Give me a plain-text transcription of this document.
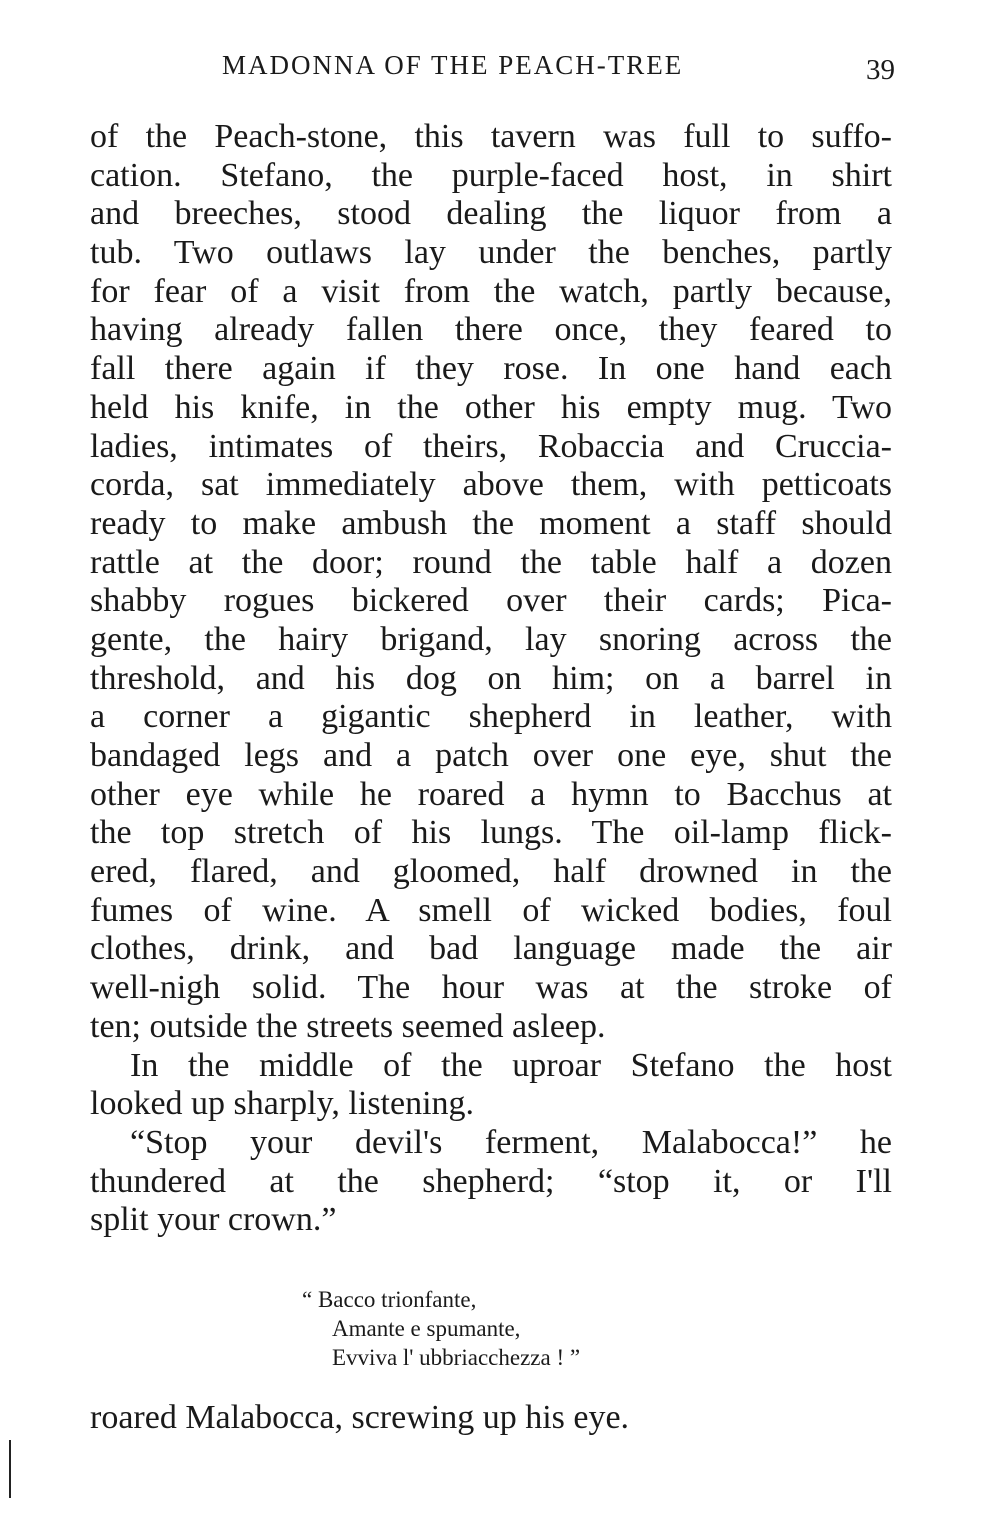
MADONNA OF THE PEACH-TREE	39
of the Peach-stone, this tavern was full to suffo-
cation. Stefano, the purple-faced host, in shirt
and breeches, stood dealing the liquor from a
tub. Two outlaws lay under the benches, partly
for fear of a visit from the watch, partly because,
having already fallen there once, they feared to
fall there again if they rose. In one hand each
held his knife, in the other his empty mug. Two
ladies, intimates of theirs, Robaccia and Cruccia-
corda, sat immediately above them, with petticoats
ready to make ambush the moment a staff should
rattle at the door; round the table half a dozen
shabby rogues bickered over their cards; Pica-
gente, the hairy brigand, lay snoring across the
threshold, and his dog on him; on a barrel in
a corner a gigantic shepherd in leather, with
bandaged legs and a patch over one eye, shut the
other eye while he roared a hymn to Bacchus at
the top stretch of his lungs. The oil-lamp flick-
ered, flared, and gloomed, half drowned in the
fumes of wine. A smell of wicked bodies, foul
clothes, drink, and bad language made the air
well-nigh solid. The hour was at the stroke of
ten; outside the streets seemed asleep.
In the middle of the uproar Stefano the host
looked up sharply, listening.
“Stop your devil's ferment, Malabocca!” he
thundered at the shepherd; “stop it, or I'll
split your crown.”
“ Bacco trionfante,
Amante e spumante,
Evviva l' ubbriacchezza ! ”
roared Malabocca, screwing up his eye.
